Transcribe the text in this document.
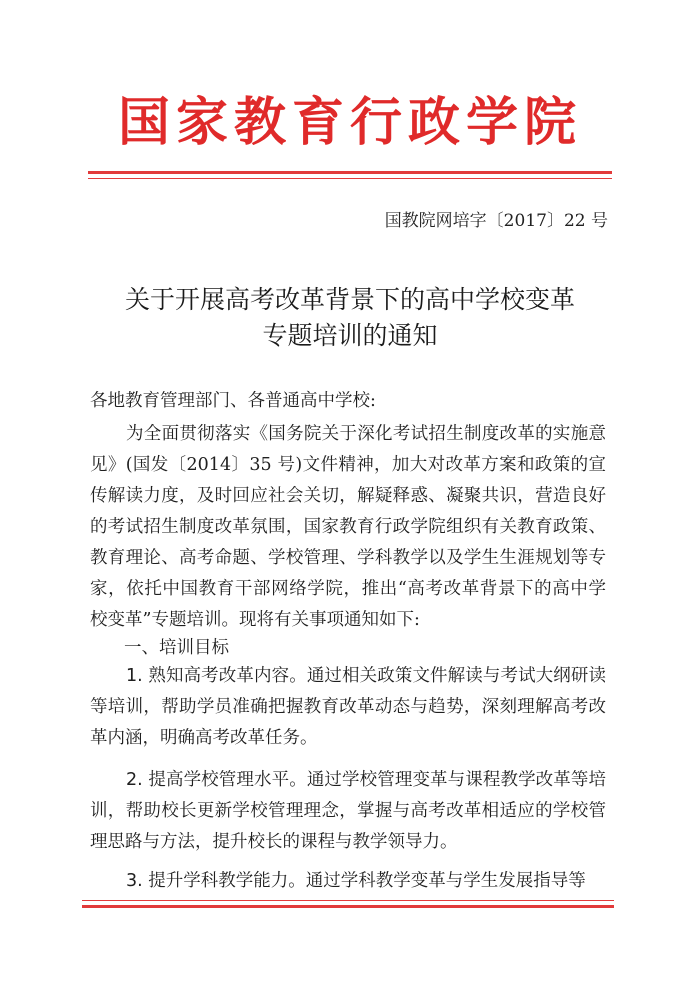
国家教育行政学院
国教院网培字〔2017〕22 号
关于开展高考改革背景下的高中学校变革
专题培训的通知

各地教育管理部门、各普通高中学校:

为全面贯彻落实《国务院关于深化考试招生制度改革的实施意见》(国发〔2014〕35 号)文件精神，加大对改革方案和政策的宣传解读力度，及时回应社会关切，解疑释惑、凝聚共识，营造良好的考试招生制度改革氛围，国家教育行政学院组织有关教育政策、教育理论、高考命题、学校管理、学科教学以及学生生涯规划等专家，依托中国教育干部网络学院，推出“高考改革背景下的高中学校变革”专题培训。现将有关事项通知如下:

一、培训目标

1. 熟知高考改革内容。通过相关政策文件解读与考试大纲研读等培训，帮助学员准确把握教育改革动态与趋势，深刻理解高考改革内涵，明确高考改革任务。

2. 提高学校管理水平。通过学校管理变革与课程教学改革等培训，帮助校长更新学校管理理念，掌握与高考改革相适应的学校管理思路与方法，提升校长的课程与教学领导力。

3. 提升学科教学能力。通过学科教学变革与学生发展指导等
